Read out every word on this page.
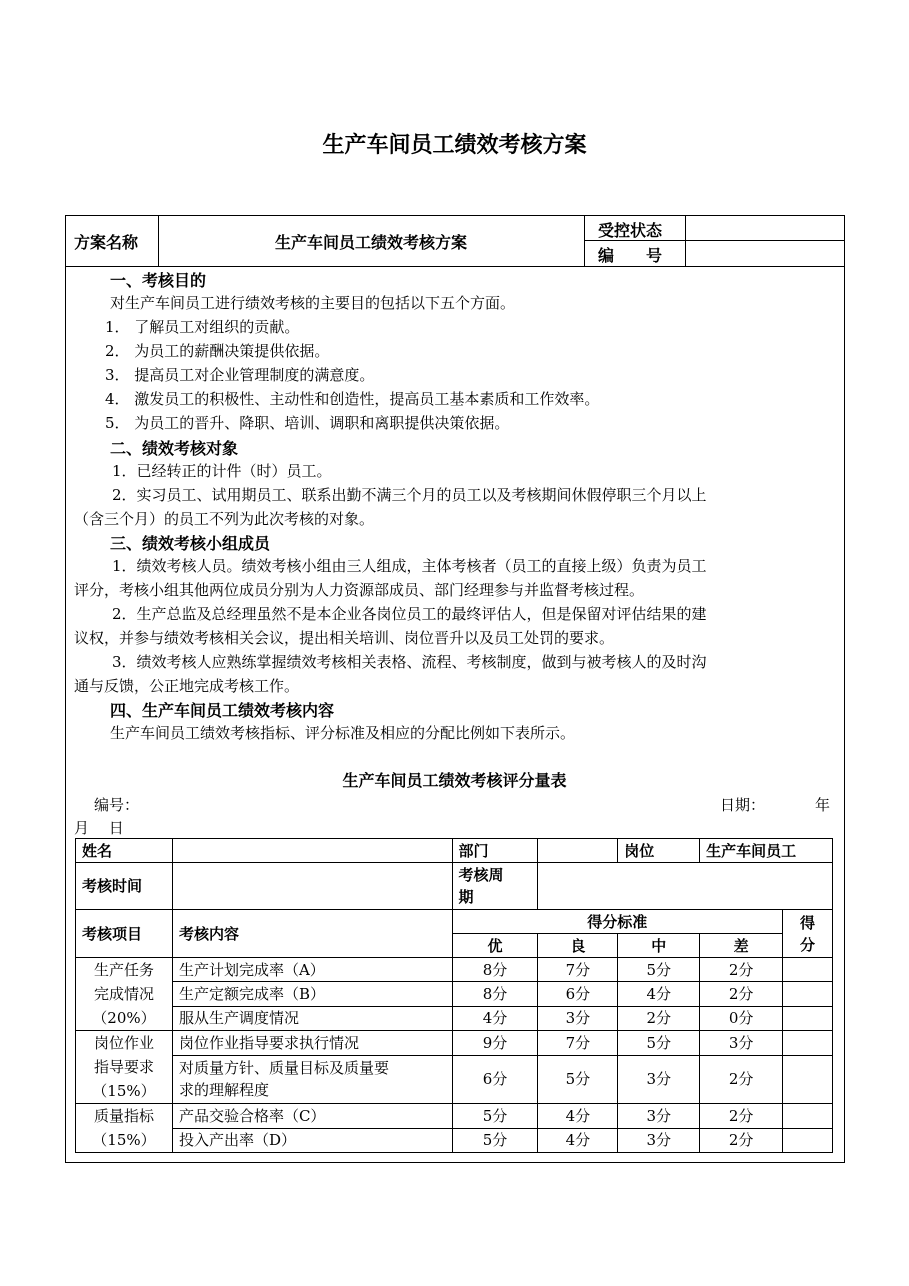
生产车间员工绩效考核方案
方案名称	生产车间员工绩效考核方案
受控状态
编　　号
一、考核目的
对生产车间员工进行绩效考核的主要目的包括以下五个方面。
1． 了解员工对组织的贡献。
2． 为员工的薪酬决策提供依据。
3． 提高员工对企业管理制度的满意度。
4． 激发员工的积极性、主动性和创造性，提高员工基本素质和工作效率。
5． 为员工的晋升、降职、培训、调职和离职提供决策依据。
二、绩效考核对象
1．已经转正的计件（时）员工。
2．实习员工、试用期员工、联系出勤不满三个月的员工以及考核期间休假停职三个月以上
（含三个月）的员工不列为此次考核的对象。
三、绩效考核小组成员
1．绩效考核人员。绩效考核小组由三人组成，主体考核者（员工的直接上级）负责为员工
评分，考核小组其他两位成员分别为人力资源部成员、部门经理参与并监督考核过程。
2．生产总监及总经理虽然不是本企业各岗位员工的最终评估人，但是保留对评估结果的建
议权，并参与绩效考核相关会议，提出相关培训、岗位晋升以及员工处罚的要求。
3．绩效考核人应熟练掌握绩效考核相关表格、流程、考核制度，做到与被考核人的及时沟
通与反馈，公正地完成考核工作。
四、生产车间员工绩效考核内容
生产车间员工绩效考核指标、评分标准及相应的分配比例如下表所示。
生产车间员工绩效考核评分量表
编号：	日期：	年
月　 日
姓名		部门		岗位	生产车间员工	
考核时间		考核周
期				
考核项目	考核内容	得分标准				得
分
		优	良	中	差	
生产任务
完成情况
（20%）	生产计划完成率（A）	8分	7分	5分	2分	
	生产定额完成率（B）	8分	6分	4分	2分	
	服从生产调度情况	4分	3分	2分	0分	
岗位作业
指导要求
（15%）	岗位作业指导要求执行情况	9分	7分	5分	3分	
	对质量方针、质量目标及质量要
求的理解程度	6分	5分	3分	2分	
质量指标
（15%）	产品交验合格率（C）	5分	4分	3分	2分	
	投入产出率（D）	5分	4分	3分	2分	
